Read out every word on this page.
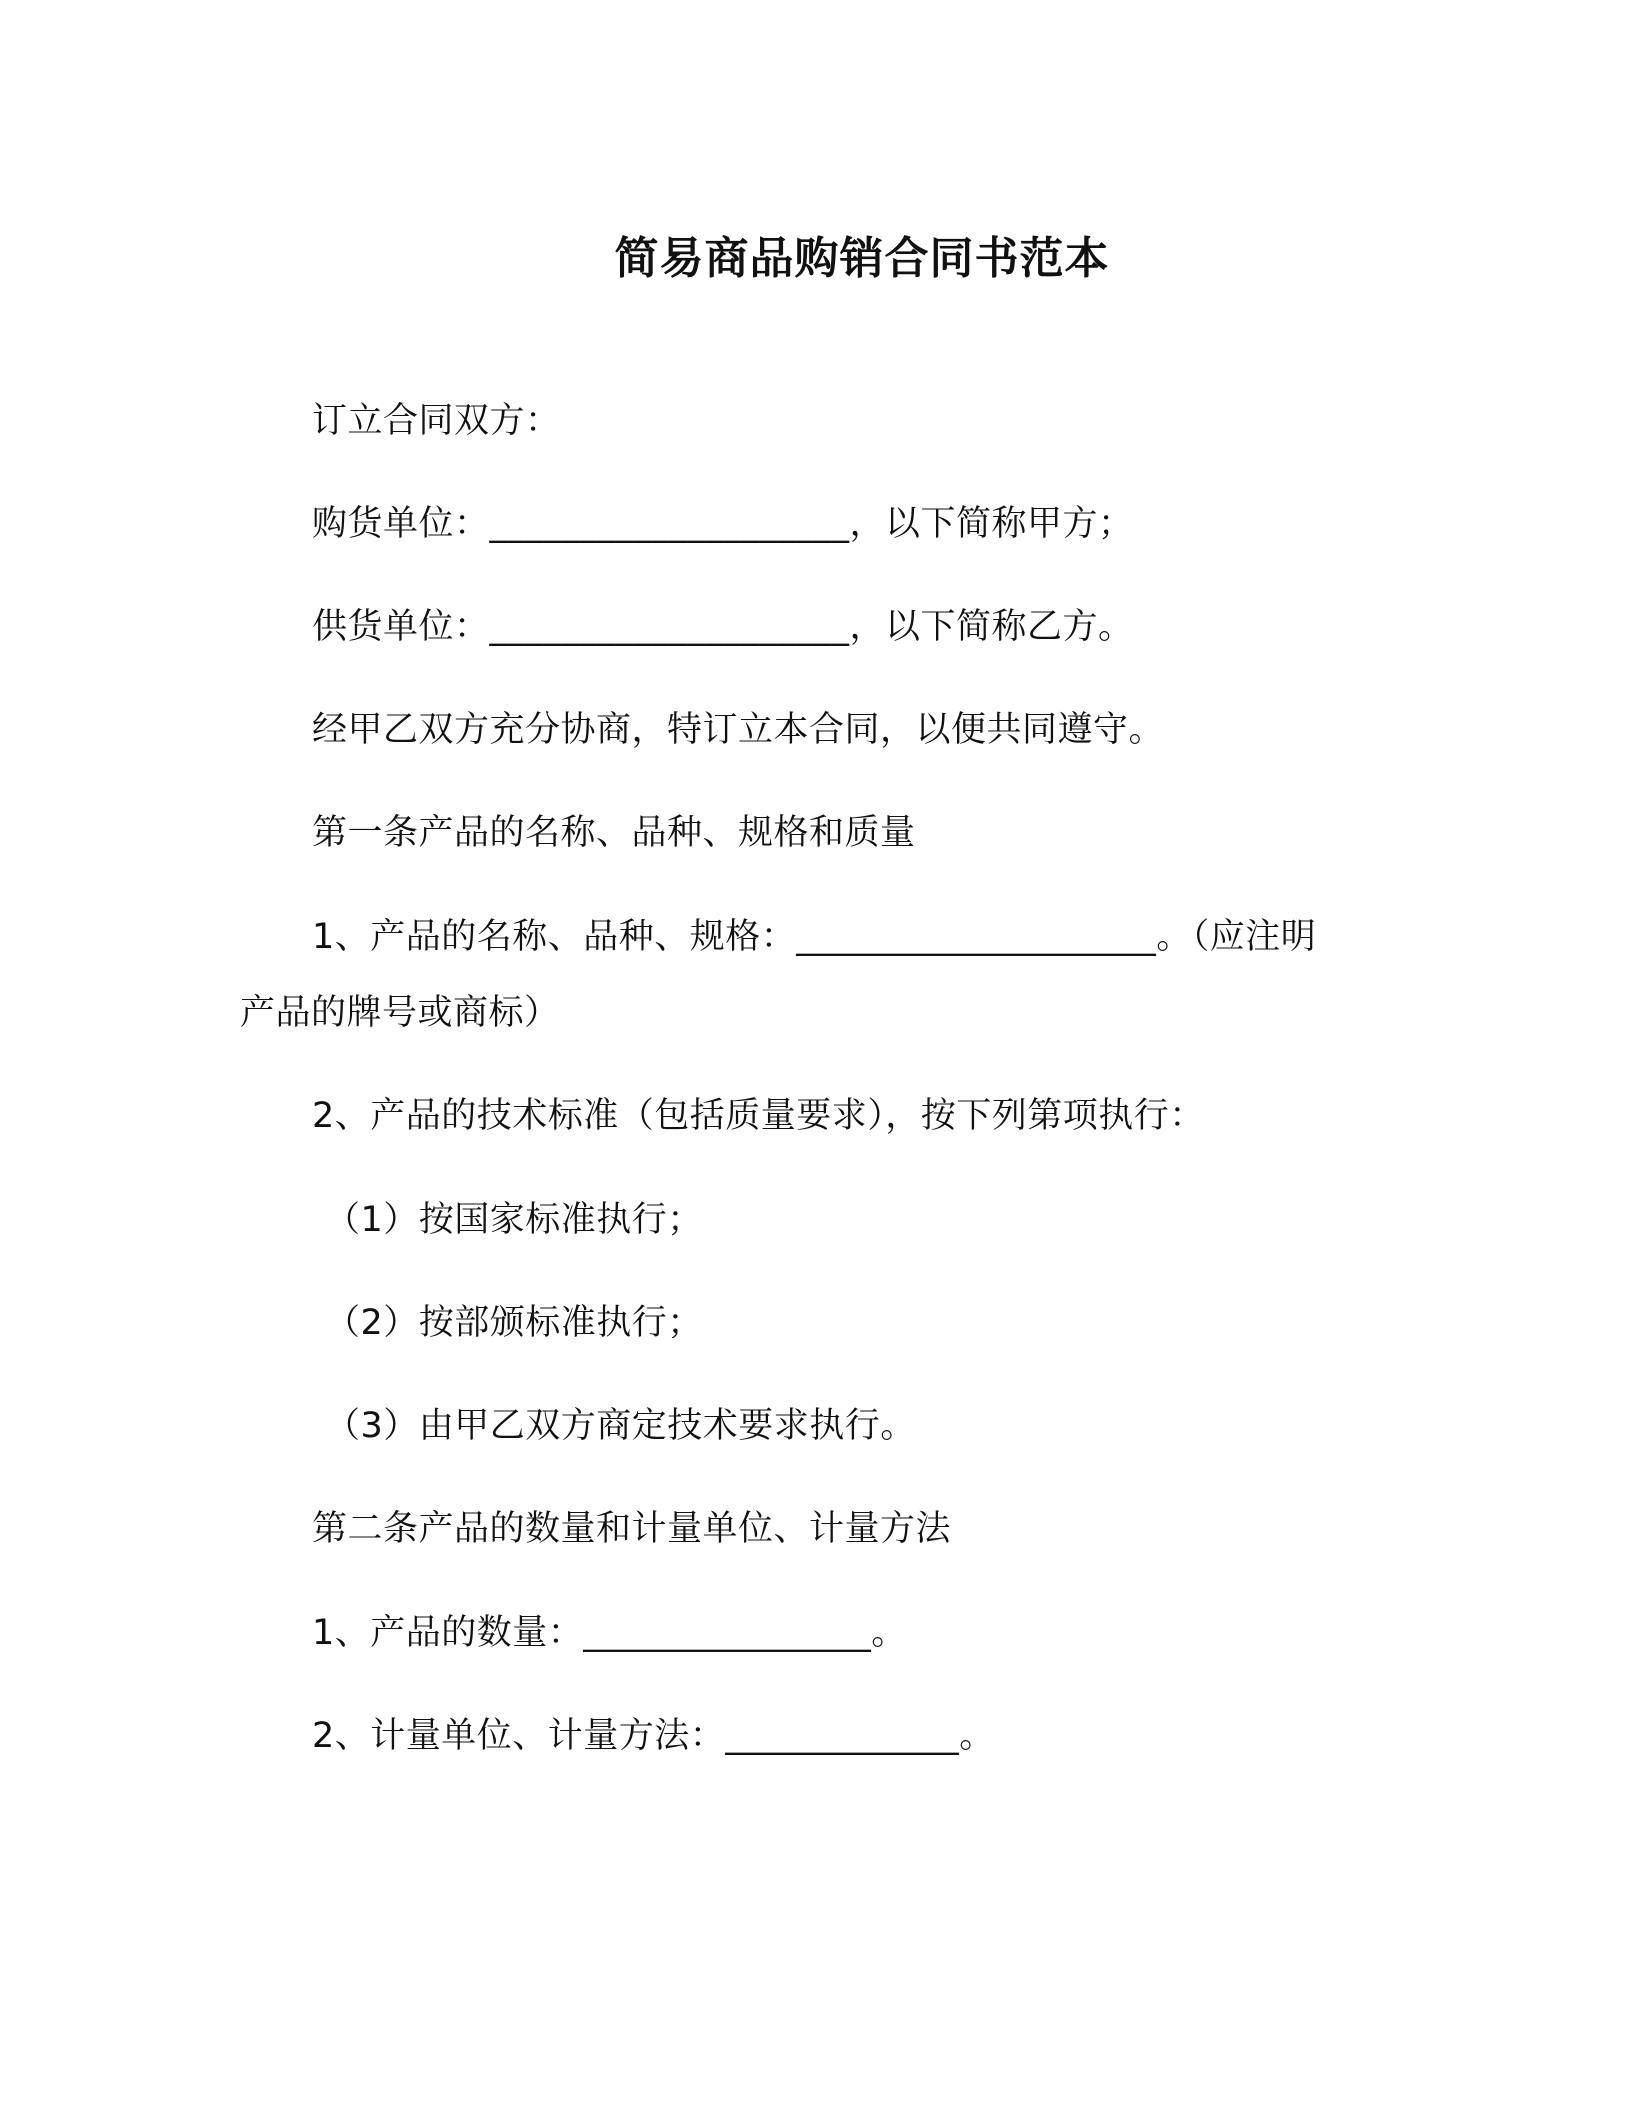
简易商品购销合同书范本
订立合同双方：
购货单位：____________________，以下简称甲方；
供货单位：____________________，以下简称乙方。
经甲乙双方充分协商，特订立本合同，以便共同遵守。
第一条产品的名称、品种、规格和质量
1、产品的名称、品种、规格：____________________。（应注明
产品的牌号或商标）
2、产品的技术标准（包括质量要求），按下列第项执行：
（1）按国家标准执行；
（2）按部颁标准执行；
（3）由甲乙双方商定技术要求执行。
第二条产品的数量和计量单位、计量方法
1、产品的数量：________________。
2、计量单位、计量方法：_____________。
